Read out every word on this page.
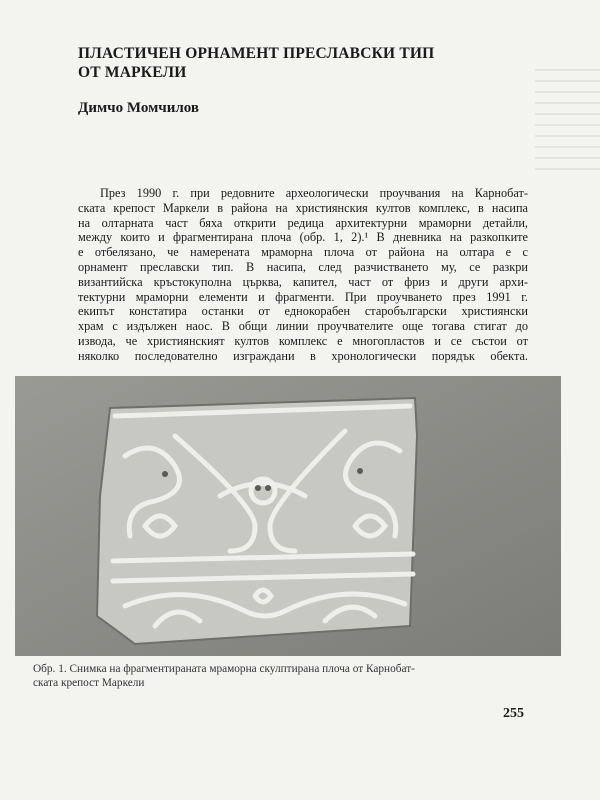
ПЛАСТИЧЕН ОРНАМЕНТ ПРЕСЛАВСКИ ТИП
ОТ МАРКЕЛИ
Димчо Момчилов
През 1990 г. при редовните археологически проучвания на Карнобат-
ската крепост Маркели в района на християнския култов комплекс, в насипа
на олтарната част бяха открити редица архитектурни мраморни детайли,
между които и фрагментирана плоча (обр. 1, 2).¹ В дневника на разкопките
е отбелязано, че намерената мраморна плоча от района на олтара е с
орнамент преславски тип. В насипа, след разчистването му, се разкри
византийска кръстокуполна църква, капител, част от фриз и други архи-
тектурни мраморни елементи и фрагменти. При проучването през 1991 г.
екипът констатира останки от еднокорабен старобългарски християнски
храм с издължен наос. В общи линии проучвателите още тогава стигат до
извода, че християнският култов комплекс е многопластов и се състои от
няколко последователно изграждани в хронологически порядък обекта.
Обр. 1. Снимка на фрагментираната мраморна скулптирана плоча от Карнобат-
ската крепост Маркели
255
